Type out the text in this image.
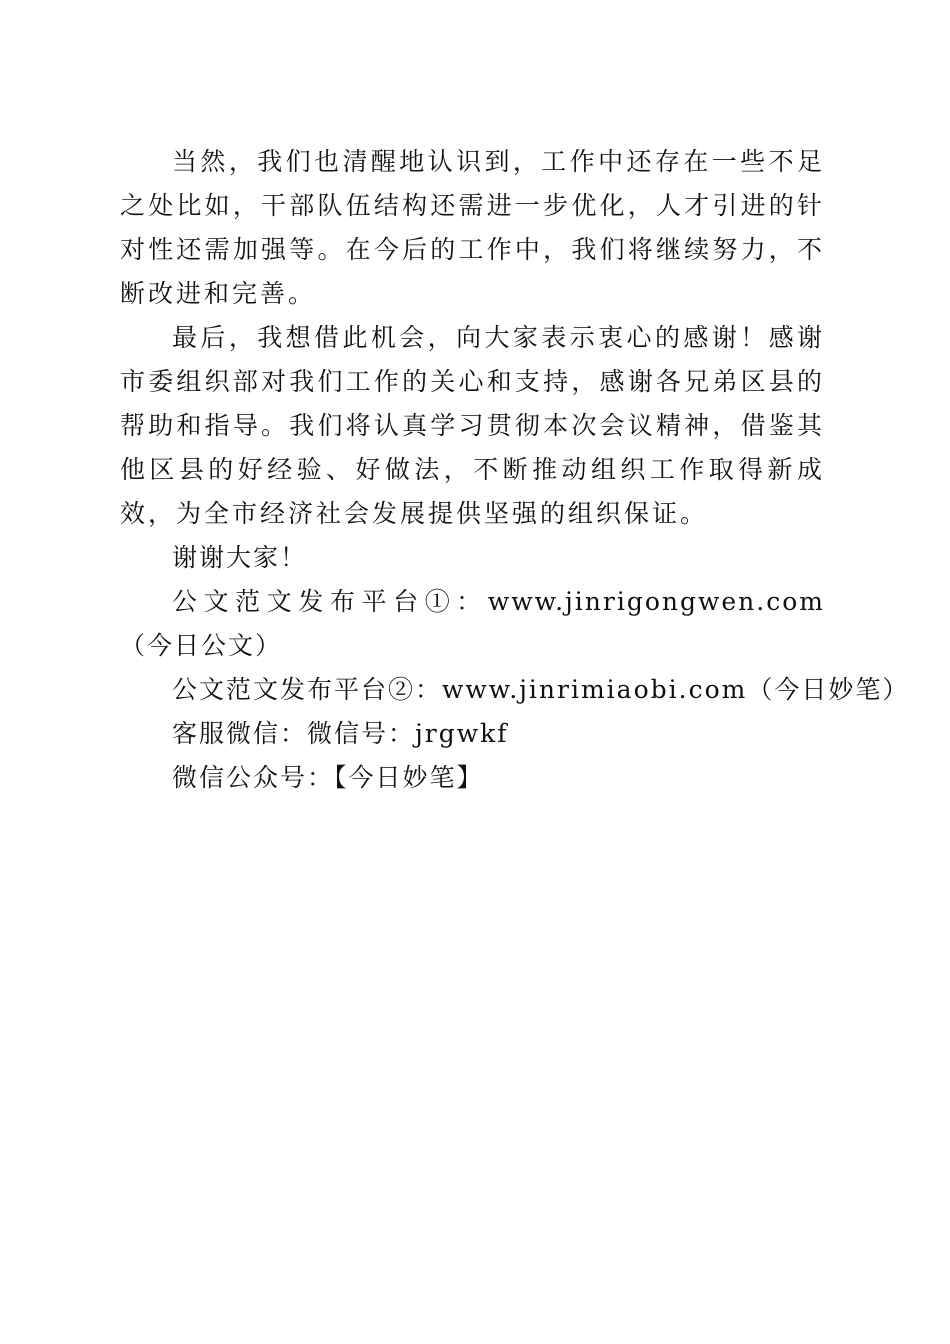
当然，我们也清醒地认识到，工作中还存在一些不足之处比如，干部队伍结构还需进一步优化，人才引进的针对性还需加强等。在今后的工作中，我们将继续努力，不断改进和完善。

最后，我想借此机会，向大家表示衷心的感谢！感谢市委组织部对我们工作的关心和支持，感谢各兄弟区县的帮助和指导。我们将认真学习贯彻本次会议精神，借鉴其他区县的好经验、好做法，不断推动组织工作取得新成效，为全市经济社会发展提供坚强的组织保证。

谢谢大家！

公文范文发布平台①：www.jinrigongwen.com（今日公文）

公文范文发布平台②：www.jinrimiaobi.com（今日妙笔）

客服微信：微信号：jrgwkf

微信公众号：【今日妙笔】
